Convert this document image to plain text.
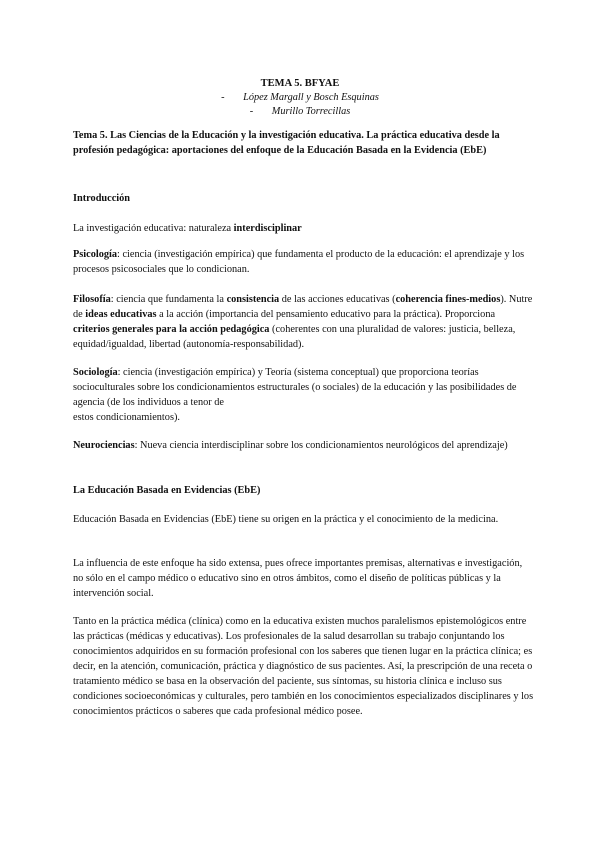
TEMA 5. BFYAE
- López Margall y Bosch Esquinas
- Murillo Torrecillas

Tema 5. Las Ciencias de la Educación y la investigación educativa. La práctica educativa desde la profesión pedagógica: aportaciones del enfoque de la Educación Basada en la Evidencia (EbE)

Introducción

La investigación educativa: naturaleza interdisciplinar

Psicología: ciencia (investigación empírica) que fundamenta el producto de la educación: el aprendizaje y los procesos psicosociales que lo condicionan.

Filosofía: ciencia que fundamenta la consistencia de las acciones educativas (coherencia fines-medios). Nutre de ideas educativas a la acción (importancia del pensamiento educativo para la práctica). Proporciona criterios generales para la acción pedagógica (coherentes con una pluralidad de valores: justicia, belleza, equidad/igualdad, libertad (autonomía-responsabilidad).

Sociología: ciencia (investigación empírica) y Teoría (sistema conceptual) que proporciona teorías socioculturales sobre los condicionamientos estructurales (o sociales) de la educación y las posibilidades de agencia (de los individuos a tenor de
estos condicionamientos).

Neurociencias: Nueva ciencia interdisciplinar sobre los condicionamientos neurológicos del aprendizaje)

La Educación Basada en Evidencias (EbE)

Educación Basada en Evidencias (EbE) tiene su origen en la práctica y el conocimiento de la medicina.

La influencia de este enfoque ha sido extensa, pues ofrece importantes premisas, alternativas e investigación, no sólo en el campo médico o educativo sino en otros ámbitos, como el diseño de políticas públicas y la intervención social.

Tanto en la práctica médica (clínica) como en la educativa existen muchos paralelismos epistemológicos entre las prácticas (médicas y educativas). Los profesionales de la salud desarrollan su trabajo conjuntando los conocimientos adquiridos en su formación profesional con los saberes que tienen lugar en la práctica clínica; es decir, en la atención, comunicación, práctica y diagnóstico de sus pacientes. Así, la prescripción de una receta o tratamiento médico se basa en la observación del paciente, sus síntomas, su historia clínica e incluso sus condiciones socioeconómicas y culturales, pero también en los conocimientos especializados disciplinares y los conocimientos prácticos o saberes que cada profesional médico posee.
